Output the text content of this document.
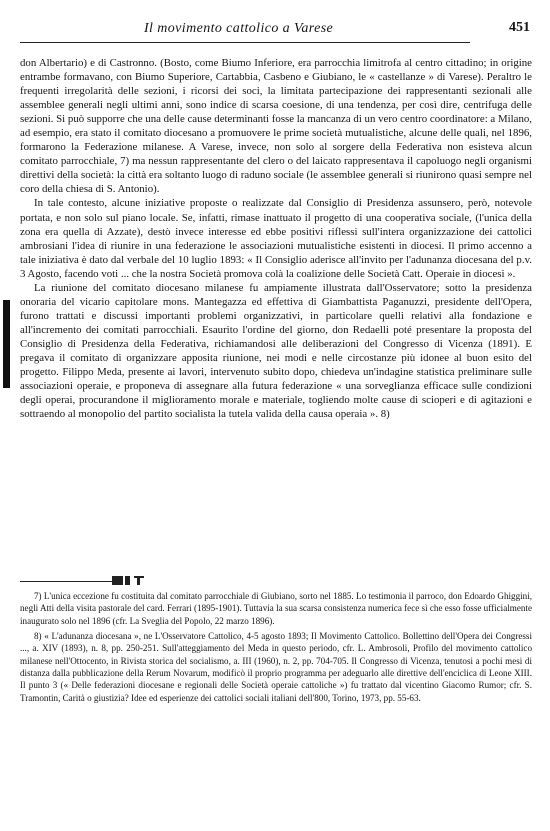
Il movimento cattolico a Varese	451

don Albertario) e di Castronno. (Bosto, come Biumo Inferiore, era parrocchia limitrofa al centro cittadino; in origine entrambe formavano, con Biumo Superiore, Cartabbia, Casbeno e Giubiano, le « castellanze » di Varese). Peraltro le frequenti irregolarità delle sezioni, i ricorsi dei soci, la limitata partecipazione dei rappresentanti sezionali alle assemblee generali negli ultimi anni, sono indice di scarsa coesione, di una tendenza, per così dire, centrifuga delle sezioni. Si può supporre che una delle cause determinanti fosse la mancanza di un vero centro coordinatore: a Milano, ad esempio, era stato il comitato diocesano a promuovere le prime società mutualistiche, alcune delle quali, nel 1896, formarono la Federazione milanese. A Varese, invece, non solo al sorgere della Federativa non esisteva alcun comitato parrocchiale, 7) ma nessun rappresentante del clero o del laicato rappresentava il capoluogo negli organismi direttivi della società: la città era soltanto luogo di raduno sociale (le assemblee generali si riunirono quasi sempre nel coro della chiesa di S. Antonio).

In tale contesto, alcune iniziative proposte o realizzate dal Consiglio di Presidenza assunsero, però, notevole portata, e non solo sul piano locale. Se, infatti, rimase inattuato il progetto di una cooperativa sociale, (l'unica della zona era quella di Azzate), destò invece interesse ed ebbe positivi riflessi sull'intera organizzazione dei cattolici ambrosiani l'idea di riunire in una federazione le associazioni mutualistiche esistenti in diocesi. Il primo accenno a tale iniziativa è dato dal verbale del 10 luglio 1893: « Il Consiglio aderisce all'invito per l'adunanza diocesana del p.v. 3 Agosto, facendo voti ... che la nostra Società promova colà la coalizione delle Società Catt. Operaie in diocesi ».

La riunione del comitato diocesano milanese fu ampiamente illustrata dall'Osservatore; sotto la presidenza onoraria del vicario capitolare mons. Mantegazza ed effettiva di Giambattista Paganuzzi, presidente dell'Opera, furono trattati e discussi importanti problemi organizzativi, in particolare quelli relativi alla fondazione e all'incremento dei comitati parrocchiali. Esaurito l'ordine del giorno, don Redaelli poté presentare la proposta del Consiglio di Presidenza della Federativa, richiamandosi alle deliberazioni del Congresso di Vicenza (1891). E pregava il comitato di organizzare apposita riunione, nei modi e nelle circostanze più idonee al buon esito del progetto. Filippo Meda, presente ai lavori, intervenuto subito dopo, chiedeva un'indagine statistica preliminare sulle associazioni operaie, e proponeva di assegnare alla futura federazione « una sorveglianza efficace sulle condizioni degli operai, procurandone il miglioramento morale e materiale, togliendo molte cause di scioperi e di agitazioni e sottraendo al monopolio del partito socialista la tutela valida della causa operaia ». 8)

7) L'unica eccezione fu costituita dal comitato parrocchiale di Giubiano, sorto nel 1885. Lo testimonia il parroco, don Edoardo Ghiggini, negli Atti della visita pastorale del card. Ferrari (1895-1901). Tuttavia la sua scarsa consistenza numerica fece sì che esso fosse ufficialmente inaugurato solo nel 1896 (cfr. La Sveglia del Popolo, 22 marzo 1896).

8) « L'adunanza diocesana », ne L'Osservatore Cattolico, 4-5 agosto 1893; Il Movimento Cattolico. Bollettino dell'Opera dei Congressi ..., a. XIV (1893), n. 8, pp. 250-251. Sull'atteggiamento del Meda in questo periodo, cfr. L. Ambrosoli, Profilo del movimento cattolico milanese nell'Ottocento, in Rivista storica del socialismo, a. III (1960), n. 2, pp. 704-705. Il Congresso di Vicenza, tenutosi a pochi mesi di distanza dalla pubblicazione della Rerum Novarum, modificò il proprio programma per adeguarlo alle direttive dell'enciclica di Leone XIII. Il punto 3 (« Delle federazioni diocesane e regionali delle Società operaie cattoliche ») fu trattato dal vicentino Giacomo Rumor; cfr. S. Tramontin, Carità o giustizia? Idee ed esperienze dei cattolici sociali italiani dell'800, Torino, 1973, pp. 55-63.
